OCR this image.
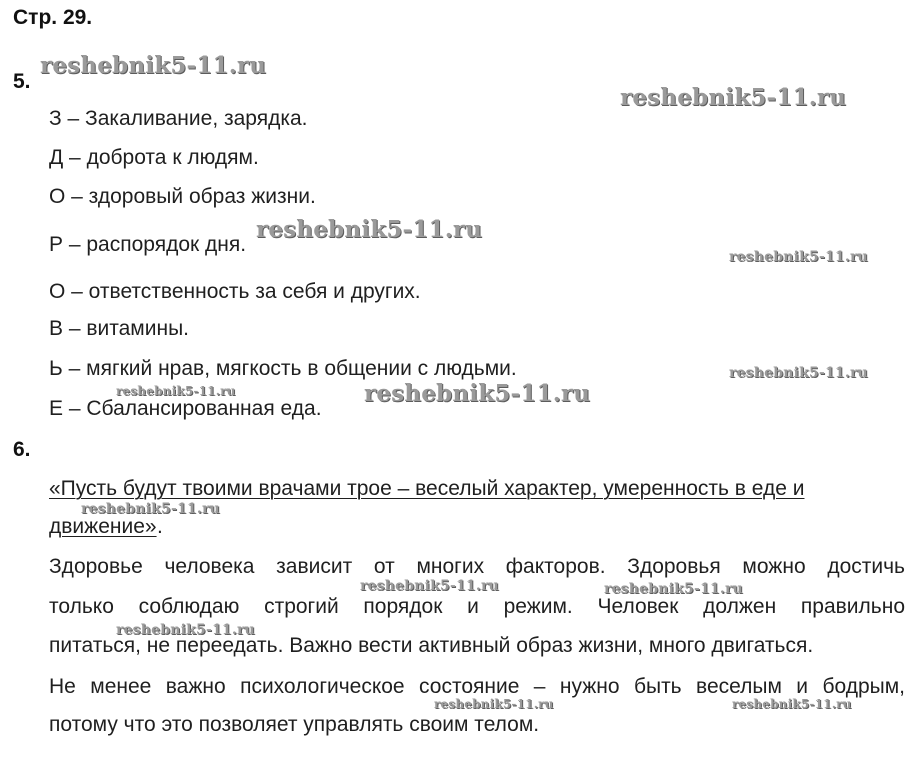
Стр. 29.
5.
З – Закаливание, зарядка.
Д – доброта к людям.
О – здоровый образ жизни.
Р – распорядок дня.
О – ответственность за себя и других.
В – витамины.
Ь – мягкий нрав, мягкость в общении с людьми.
Е – Сбалансированная еда.
6.
«Пусть будут твоими врачами трое – веселый характер, умеренность в еде и
движение» .
Здоровье человека зависит от многих факторов. Здоровья можно достичь
только соблюдаю строгий порядок и режим. Человек должен правильно
питаться, не переедать. Важно вести активный образ жизни, много двигаться.
Не менее важно психологическое состояние – нужно быть веселым и бодрым,
потому что это позволяет управлять своим телом.
reshebnik5-11.ru
reshebnik5-11.ru
reshebnik5-11.ru
reshebnik5-11.ru
reshebnik5-11.ru
reshebnik5-11.ru	reshebnik5-11.ru
reshebnik5-11.ru
reshebnik5-11.ru	reshebnik5-11.ru
reshebnik5-11.ru
reshebnik5-11.ru	reshebnik5-11.ru
